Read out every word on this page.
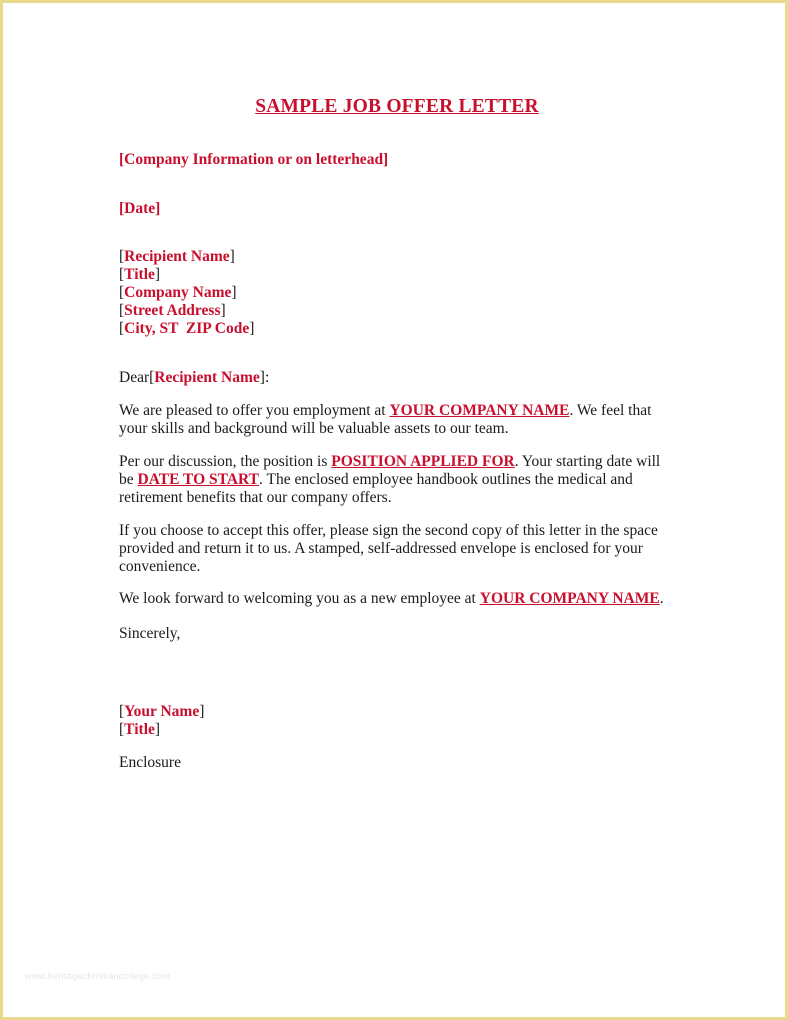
SAMPLE JOB OFFER LETTER
[Company Information or on letterhead]
[Date]
[Recipient Name]
[Title]
[Company Name]
[Street Address]
[City, ST  ZIP Code]
Dear[Recipient Name]:
We are pleased to offer you employment at YOUR COMPANY NAME. We feel that
your skills and background will be valuable assets to our team.
Per our discussion, the position is POSITION APPLIED FOR. Your starting date will
be DATE TO START. The enclosed employee handbook outlines the medical and
retirement benefits that our company offers.
If you choose to accept this offer, please sign the second copy of this letter in the space
provided and return it to us. A stamped, self-addressed envelope is enclosed for your
convenience.
We look forward to welcoming you as a new employee at YOUR COMPANY NAME.
Sincerely,
[Your Name]
[Title]
Enclosure
www.heritagechristiancollege.com
